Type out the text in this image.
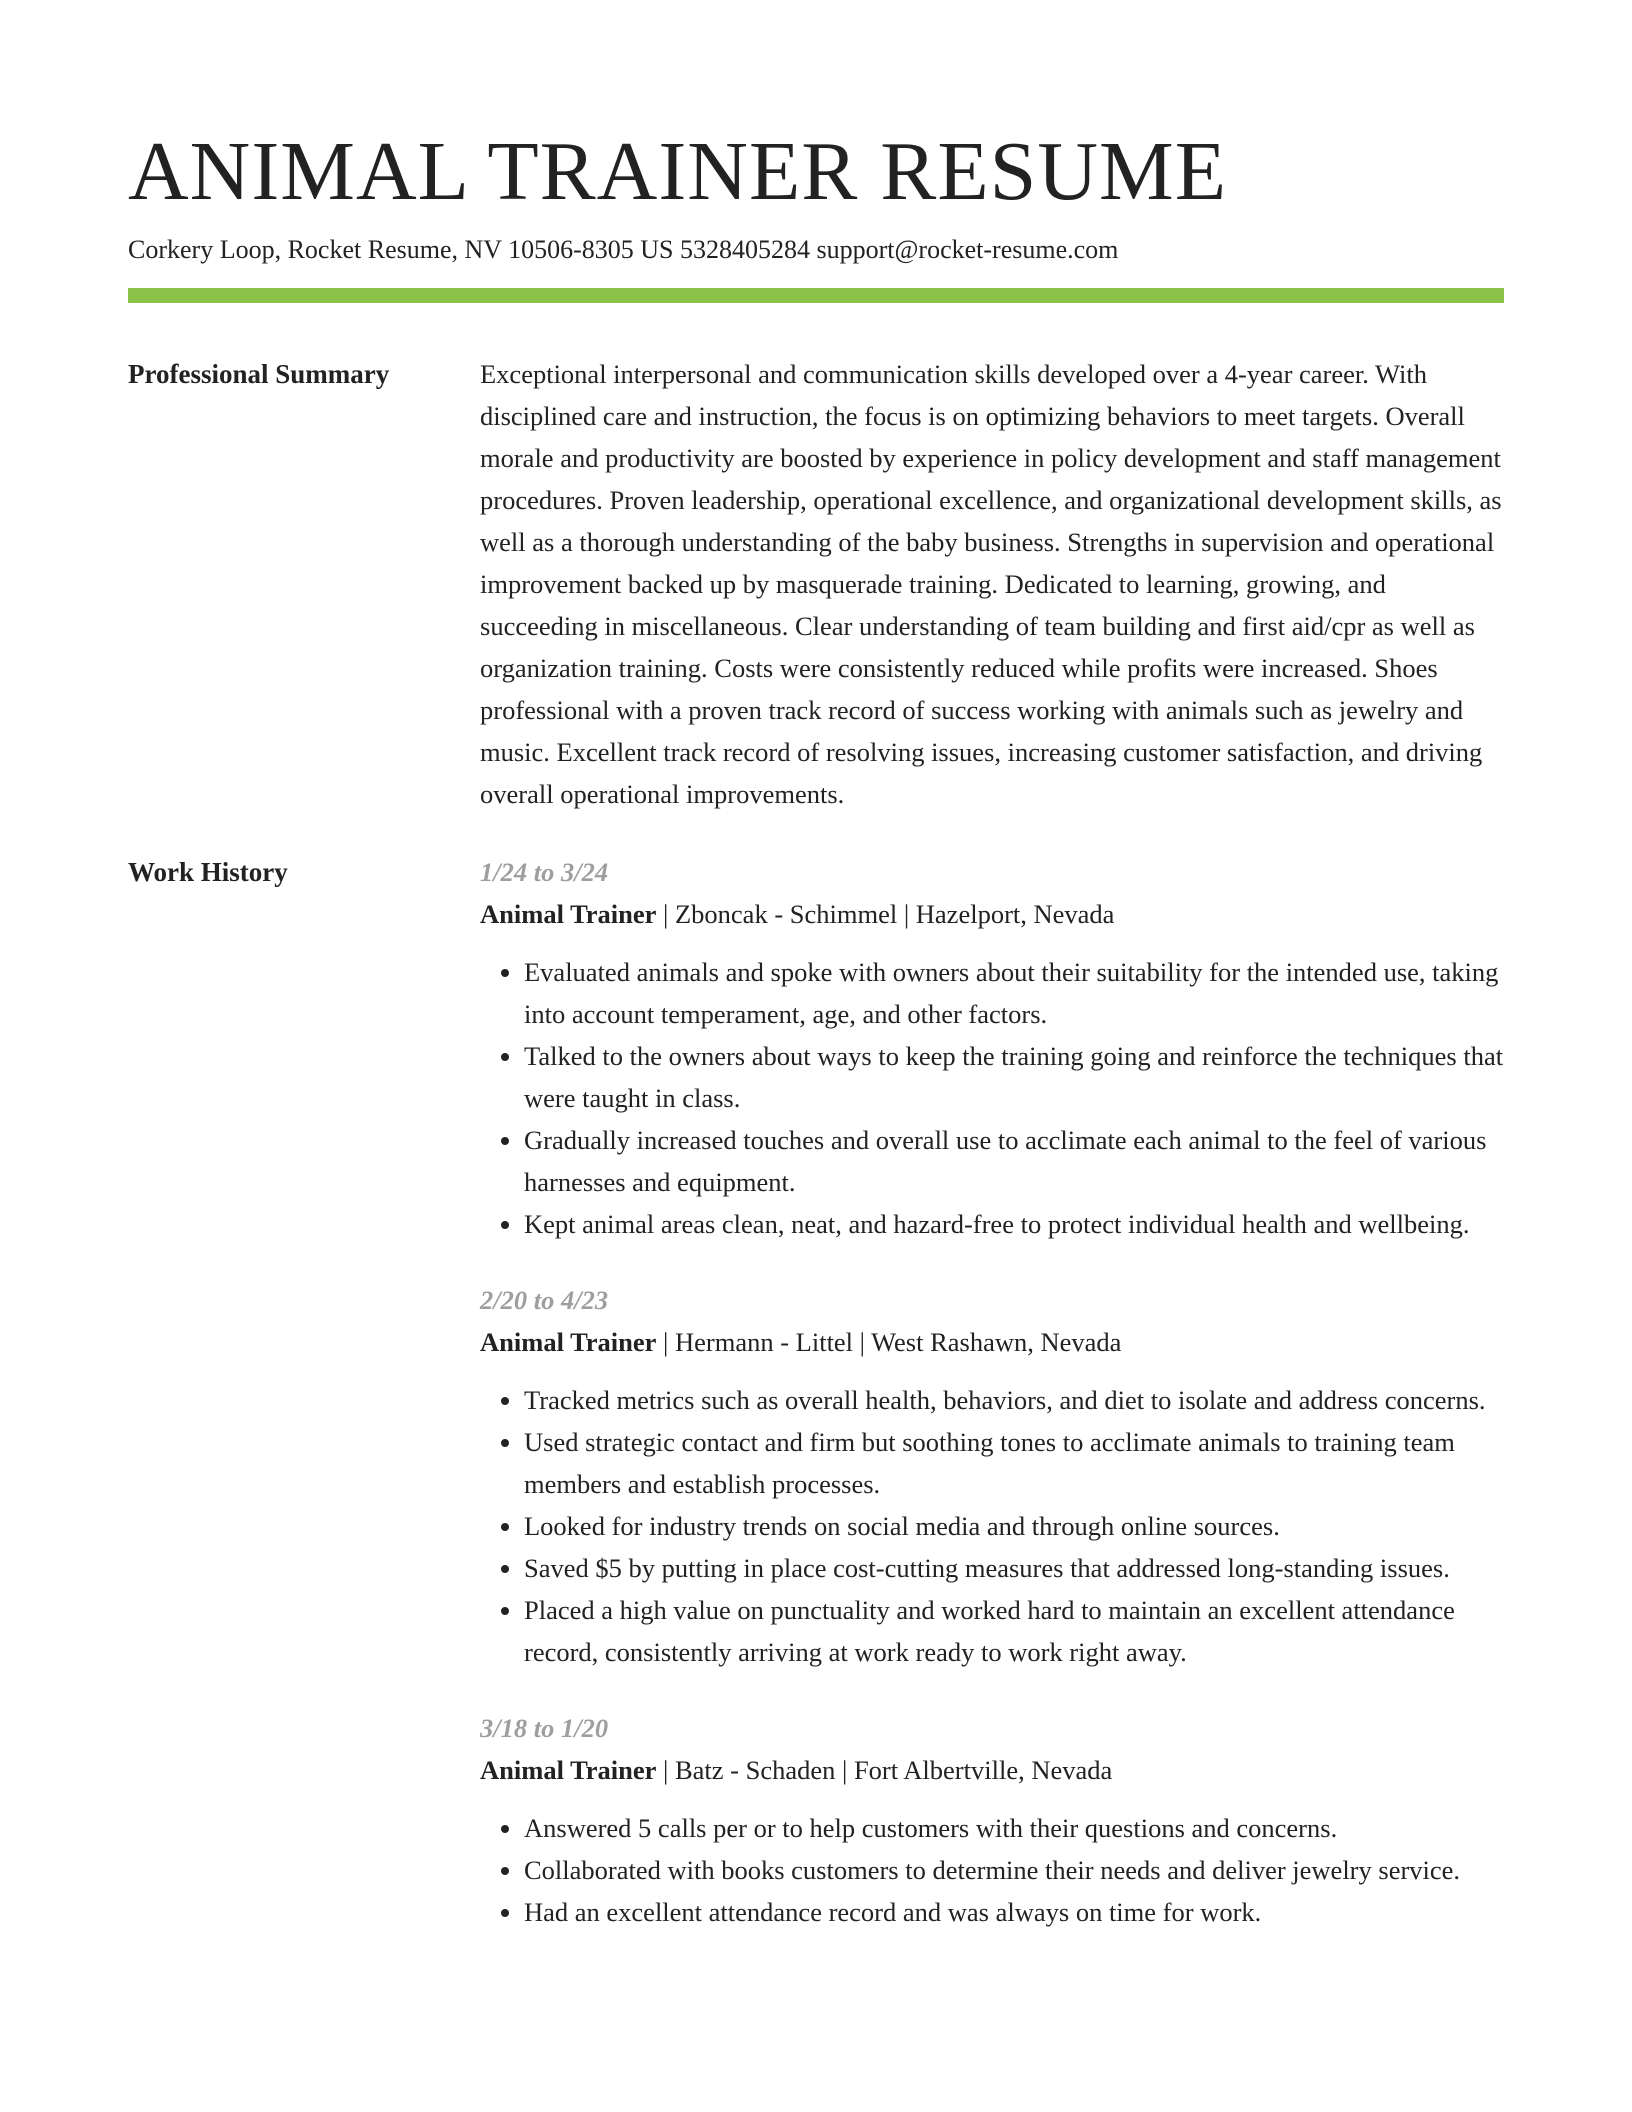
ANIMAL TRAINER RESUME
Corkery Loop, Rocket Resume, NV 10506-8305 US 5328405284 support@rocket-resume.com
Professional Summary	Exceptional interpersonal and communication skills developed over a 4-year career. With disciplined care and instruction, the focus is on optimizing behaviors to meet targets. Overall morale and productivity are boosted by experience in policy development and staff management procedures. Proven leadership, operational excellence, and organizational development skills, as well as a thorough understanding of the baby business. Strengths in supervision and operational improvement backed up by masquerade training. Dedicated to learning, growing, and succeeding in miscellaneous. Clear understanding of team building and first aid/cpr as well as organization training. Costs were consistently reduced while profits were increased. Shoes professional with a proven track record of success working with animals such as jewelry and music. Excellent track record of resolving issues, increasing customer satisfaction, and driving overall operational improvements.

Work History	1/24 to 3/24
Animal Trainer | Zboncak - Schimmel | Hazelport, Nevada
• Evaluated animals and spoke with owners about their suitability for the intended use, taking into account temperament, age, and other factors.
• Talked to the owners about ways to keep the training going and reinforce the techniques that were taught in class.
• Gradually increased touches and overall use to acclimate each animal to the feel of various harnesses and equipment.
• Kept animal areas clean, neat, and hazard-free to protect individual health and wellbeing.
2/20 to 4/23
Animal Trainer | Hermann - Littel | West Rashawn, Nevada
• Tracked metrics such as overall health, behaviors, and diet to isolate and address concerns.
• Used strategic contact and firm but soothing tones to acclimate animals to training team members and establish processes.
• Looked for industry trends on social media and through online sources.
• Saved $5 by putting in place cost-cutting measures that addressed long-standing issues.
• Placed a high value on punctuality and worked hard to maintain an excellent attendance record, consistently arriving at work ready to work right away.
3/18 to 1/20
Animal Trainer | Batz - Schaden | Fort Albertville, Nevada
• Answered 5 calls per or to help customers with their questions and concerns.
• Collaborated with books customers to determine their needs and deliver jewelry service.
• Had an excellent attendance record and was always on time for work.
